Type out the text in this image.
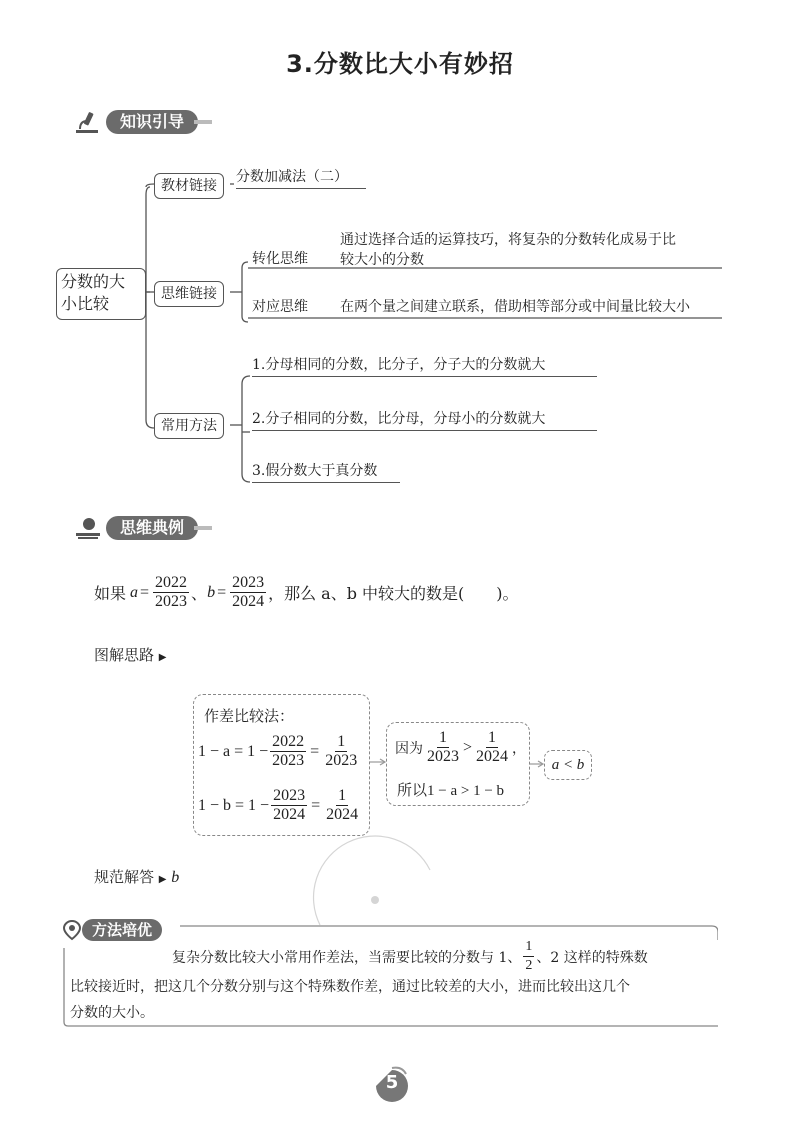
3.分数比大小有妙招
知识引导
分数的大
小比较
教材链接
分数加减法（二）
思维链接
转化思维
通过选择合适的运算技巧，将复杂的分数转化成易于比
较大小的分数
对应思维 在两个量之间建立联系，借助相等部分或中间量比较大小
常用方法
1.分母相同的分数，比分子，分子大的分数就大
2.分子相同的分数，比分母，分母小的分数就大
3.假分数大于真分数
思维典例
如果 $a = \frac{2022}{2023}$ 、 $b = \frac{2023}{2024}$ ，那么 a、b 中较大的数是(　　)。
图解思路 ▶
作差比较法：
$1 - a = 1 - \frac{2022}{2023} = \frac{1}{2023}$
$1 - b = 1 - \frac{2023}{2024} = \frac{1}{2024}$
因为 $\frac{1}{2023} > \frac{1}{2024}$ ，
所以1 − a > 1 − b
a < b
规范解答 ▶ b
方法培优
复杂分数比较大小常用作差法，当需要比较的分数与 1、 $\frac{1}{2}$ 、2 这样的特殊数
比较接近时，把这几个分数分别与这个特殊数作差，通过比较差的大小，进而比较出这几个
分数的大小。
5
